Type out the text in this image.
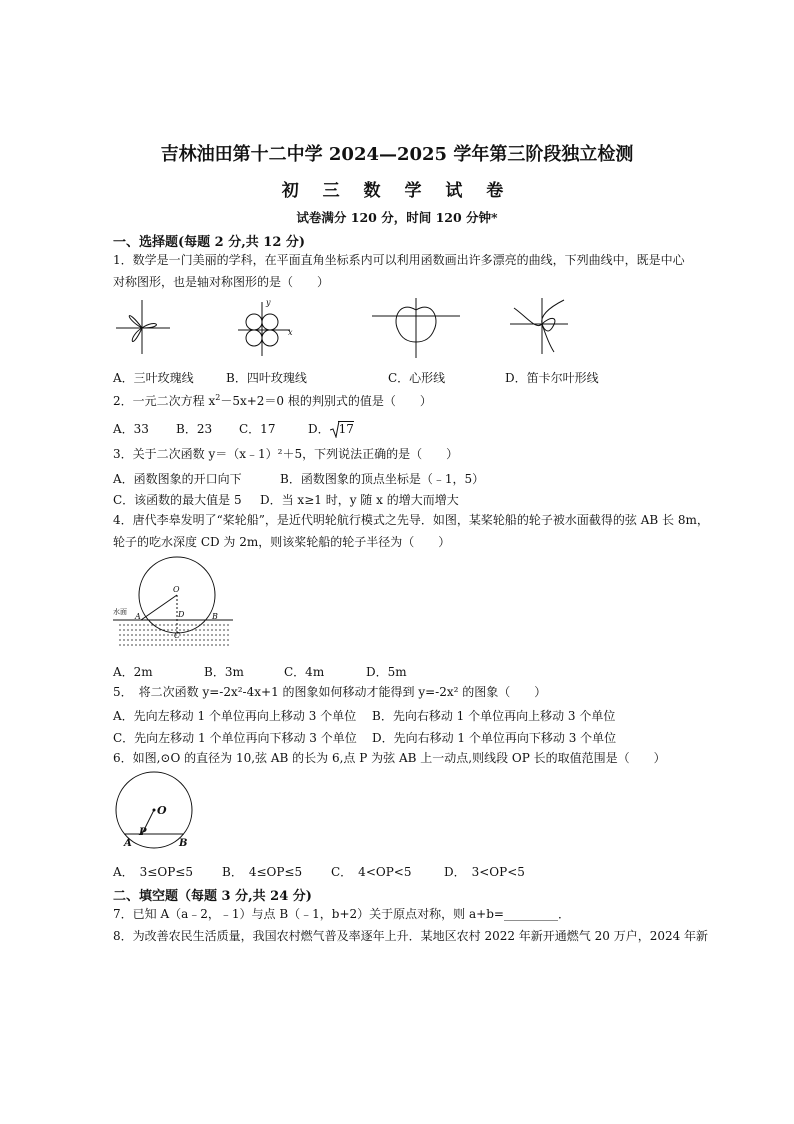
吉林油田第十二中学 2024—2025 学年第三阶段独立检测
初 三 数 学 试 卷
试卷满分 120 分，时间 120 分钟*
一、选择题(每题 2 分,共 12 分)
1．数学是一门美丽的学科，在平面直角坐标系内可以利用函数画出许多漂亮的曲线，下列曲线中，既是中心
对称图形，也是轴对称图形的是（　　）
y
x
A．三叶玫瑰线	B．四叶玫瑰线	C．心形线	D．笛卡尔叶形线
2．一元二次方程 $x^2-5x+2=0$ 根的判别式的值是（　　）
A．33 B．23 C．17	D． 17
3．关于二次函数 y＝（x﹣1）²＋5，下列说法正确的是（　　）
A．函数图象的开口向下	B．函数图象的顶点坐标是（﹣1，5）
C．该函数的最大值是 5 D．当 x≥1 时，y 随 x 的增大而增大
4．唐代李皋发明了“桨轮船”，是近代明轮航行模式之先导．如图，某桨轮船的轮子被水面截得的弦 AB 长 8m，
轮子的吃水深度 CD 为 2m，则该桨轮船的轮子半径为（　　）
水面
O
A	D	B
C
A．2m	B．3m	C．4m	D．5m
5．　将二次函数 y=-2x²-4x+1 的图象如何移动才能得到 y=-2x² 的图象（　　）
A．先向左移动 1 个单位再向上移动 3 个单位 B．先向右移动 1 个单位再向上移动 3 个单位
C．先向左移动 1 个单位再向下移动 3 个单位 D．先向右移动 1 个单位再向下移动 3 个单位
6．如图,⊙O 的直径为 10,弦 AB 的长为 6,点 P 为弦 AB 上一动点,则线段 OP 长的取值范围是（　　）
O
P
A	B
A．　3≤OP≤5 B．　4≤OP≤5 C．　4<OP<5	D．　3<OP<5
二、填空题（每题 3 分,共 24 分)
7．已知 A（a﹣2，﹣1）与点 B（﹣1，b+2）关于原点对称，则 a+b=_________．
8．为改善农民生活质量，我国农村燃气普及率逐年上升．某地区农村 2022 年新开通燃气 20 万户，2024 年新
